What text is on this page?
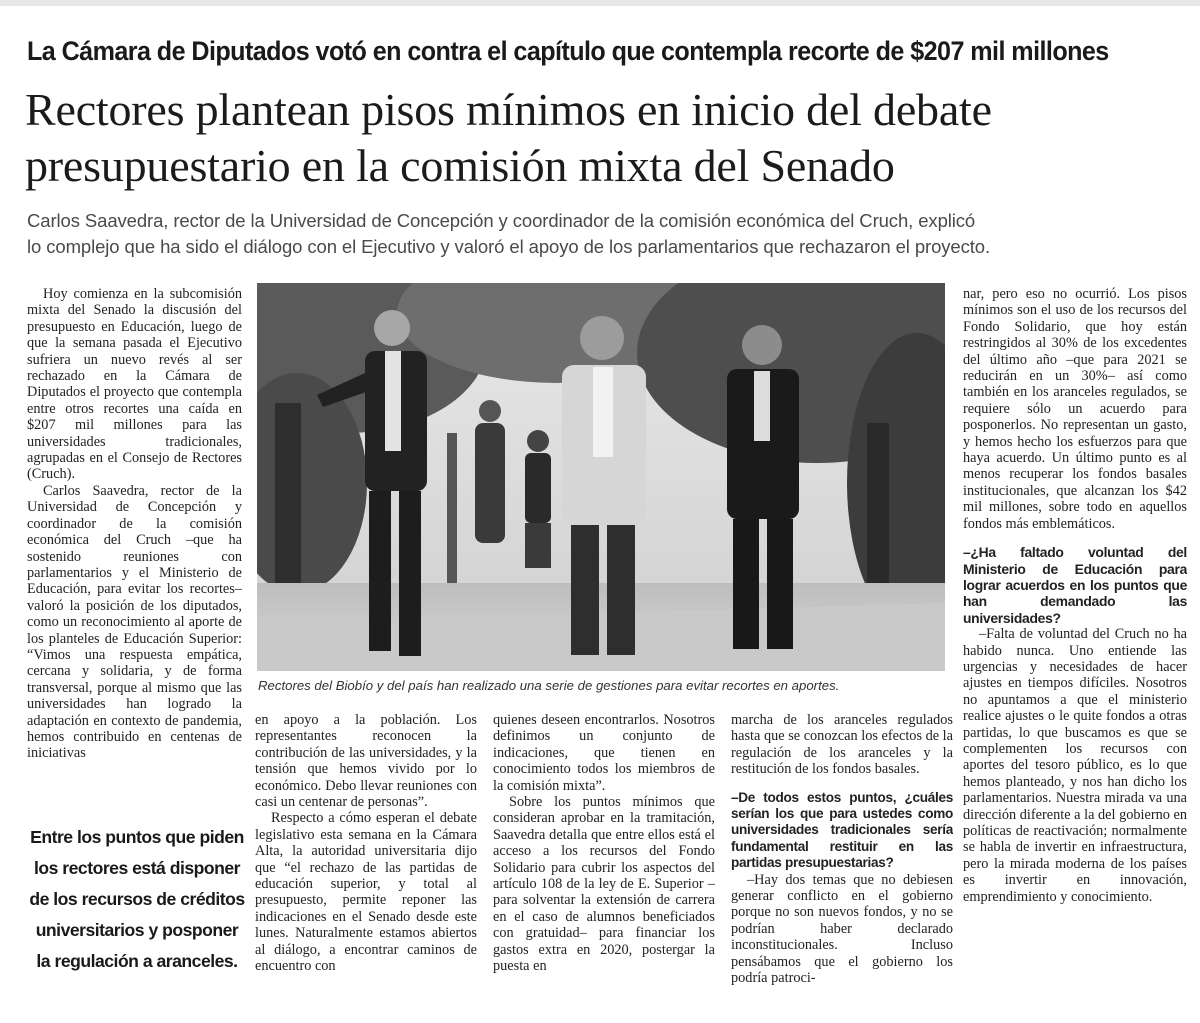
La Cámara de Diputados votó en contra el capítulo que contempla recorte de $207 mil millones
Rectores plantean pisos mínimos en inicio del debate
presupuestario en la comisión mixta del Senado
Carlos Saavedra, rector de la Universidad de Concepción y coordinador de la comisión económica del Cruch, explicó
lo complejo que ha sido el diálogo con el Ejecutivo y valoró el apoyo de los parlamentarios que rechazaron el proyecto.

Hoy comienza en la subcomisión mixta del Senado la discusión del presupuesto en Educación, luego de que la semana pasada el Ejecutivo sufriera un nuevo revés al ser rechazado en la Cámara de Diputados el proyecto que contempla entre otros recortes una caída en $207 mil millones para las universidades tradicionales, agrupadas en el Consejo de Rectores (Cruch).

Carlos Saavedra, rector de la Universidad de Concepción y coordinador de la comisión económica del Cruch –que ha sostenido reuniones con parlamentarios y el Ministerio de Educación, para evitar los recortes– valoró la posición de los diputados, como un reconocimiento al aporte de los planteles de Educación Superior: “Vimos una respuesta empática, cercana y solidaria, y de forma transversal, porque al mismo que las universidades han logrado la adaptación en contexto de pandemia, hemos contribuido en centenas de iniciativas

Entre los puntos que piden los rectores está disponer de los recursos de créditos universitarios y posponer la regulación a aranceles.
Rectores del Biobío y del país han realizado una serie de gestiones para evitar recortes en aportes.

en apoyo a la población. Los representantes reconocen la contribución de las universidades, y la tensión que hemos vivido por lo económico. Debo llevar reuniones con casi un centenar de personas”.

Respecto a cómo esperan el debate legislativo esta semana en la Cámara Alta, la autoridad universitaria dijo que “el rechazo de las partidas de educación superior, y total al presupuesto, permite reponer las indicaciones en el Senado desde este lunes. Naturalmente estamos abiertos al diálogo, a encontrar caminos de encuentro con

quienes deseen encontrarlos. Nosotros definimos un conjunto de indicaciones, que tienen en conocimiento todos los miembros de la comisión mixta”.

Sobre los puntos mínimos que consideran aprobar en la tramitación, Saavedra detalla que entre ellos está el acceso a los recursos del Fondo Solidario para cubrir los aspectos del artículo 108 de la ley de E. Superior –para solventar la extensión de carrera en el caso de alumnos beneficiados con gratuidad– para financiar los gastos extra en 2020, postergar la puesta en

marcha de los aranceles regulados hasta que se conozcan los efectos de la regulación de los aranceles y la restitución de los fondos basales.

–De todos estos puntos, ¿cuáles serían los que para ustedes como universidades tradicionales sería fundamental restituir en las partidas presupuestarias?

–Hay dos temas que no debiesen generar conflicto en el gobierno porque no son nuevos fondos, y no se podrían haber declarado inconstitucionales. Incluso pensábamos que el gobierno los podría patroci-

nar, pero eso no ocurrió. Los pisos mínimos son el uso de los recursos del Fondo Solidario, que hoy están restringidos al 30% de los excedentes del último año –que para 2021 se reducirán en un 30%– así como también en los aranceles regulados, se requiere sólo un acuerdo para posponerlos. No representan un gasto, y hemos hecho los esfuerzos para que haya acuerdo. Un último punto es al menos recuperar los fondos basales institucionales, que alcanzan los $42 mil millones, sobre todo en aquellos fondos más emblemáticos.

–¿Ha faltado voluntad del Ministerio de Educación para lograr acuerdos en los puntos que han demandado las universidades?

–Falta de voluntad del Cruch no ha habido nunca. Uno entiende las urgencias y necesidades de hacer ajustes en tiempos difíciles. Nosotros no apuntamos a que el ministerio realice ajustes o le quite fondos a otras partidas, lo que buscamos es que se complementen los recursos con aportes del tesoro público, es lo que hemos planteado, y nos han dicho los parlamentarios. Nuestra mirada va una dirección diferente a la del gobierno en políticas de reactivación; normalmente se habla de invertir en infraestructura, pero la mirada moderna de los países es invertir en innovación, emprendimiento y conocimiento.
